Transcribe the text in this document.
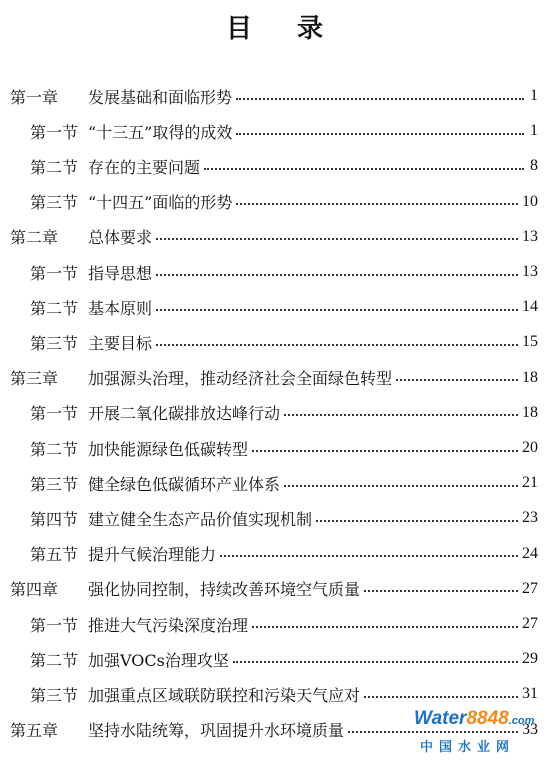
目 录
第一章 发展基础和面临形势	1
第一节 “十三五”取得的成效	1
第二节 存在的主要问题	8
第三节 “十四五”面临的形势	10
第二章 总体要求	13
第一节 指导思想	13
第二节 基本原则	14
第三节 主要目标	15
第三章 加强源头治理，推动经济社会全面绿色转型	18
第一节 开展二氧化碳排放达峰行动	18
第二节 加快能源绿色低碳转型	20
第三节 健全绿色低碳循环产业体系	21
第四节 建立健全生态产品价值实现机制	23
第五节 提升气候治理能力	24
第四章 强化协同控制，持续改善环境空气质量	27
第一节 推进大气污染深度治理	27
第二节 加强VOCs治理攻坚	29
第三节 加强重点区域联防联控和污染天气应对	31
第五章 坚持水陆统筹，巩固提升水环境质量	33
Water8848.com
中国水业网
